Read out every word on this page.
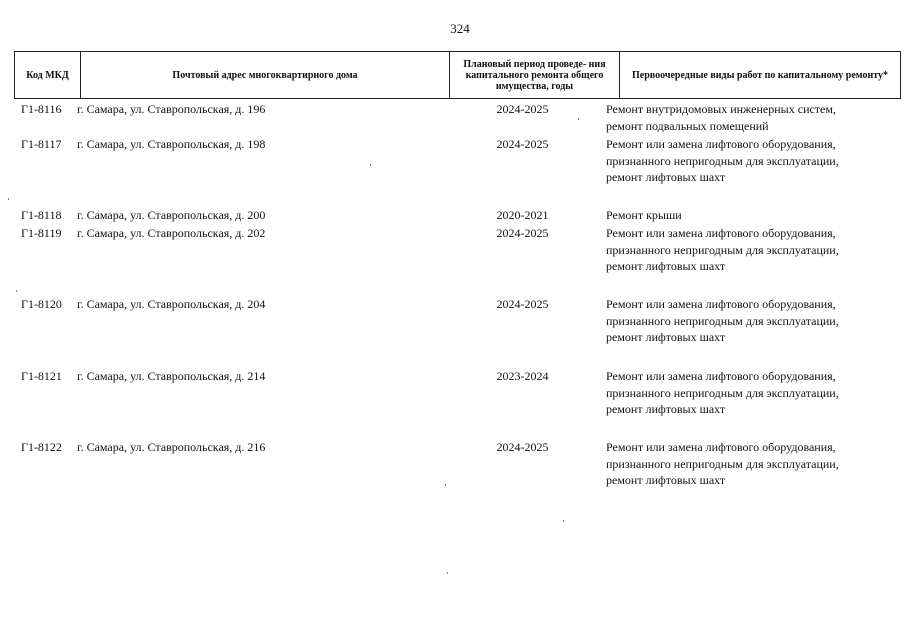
324
Код МКД	Почтовый адрес многоквартирного дома	Плановый период проведе- ния капитального ремонта общего имущества, годы	Первоочередные виды работ по капитальному ремонту*
Г1-8116	г. Самара, ул. Ставропольская, д. 196	2024-2025	Ремонт внутридомовых инженерных систем,
ремонт подвальных помещений
Г1-8117	г. Самара, ул. Ставропольская, д. 198	2024-2025	Ремонт или замена лифтового оборудования,
признанного непригодным для эксплуатации,
ремонт лифтовых шахт
Г1-8118	г. Самара, ул. Ставропольская, д. 200	2020-2021	Ремонт крыши
Г1-8119	г. Самара, ул. Ставропольская, д. 202	2024-2025	Ремонт или замена лифтового оборудования,
признанного непригодным для эксплуатации,
ремонт лифтовых шахт
Г1-8120	г. Самара, ул. Ставропольская, д. 204	2024-2025	Ремонт или замена лифтового оборудования,
признанного непригодным для эксплуатации,
ремонт лифтовых шахт
Г1-8121	г. Самара, ул. Ставропольская, д. 214	2023-2024	Ремонт или замена лифтового оборудования,
признанного непригодным для эксплуатации,
ремонт лифтовых шахт
Г1-8122	г. Самара, ул. Ставропольская, д. 216	2024-2025	Ремонт или замена лифтового оборудования,
признанного непригодным для эксплуатации,
ремонт лифтовых шахт
